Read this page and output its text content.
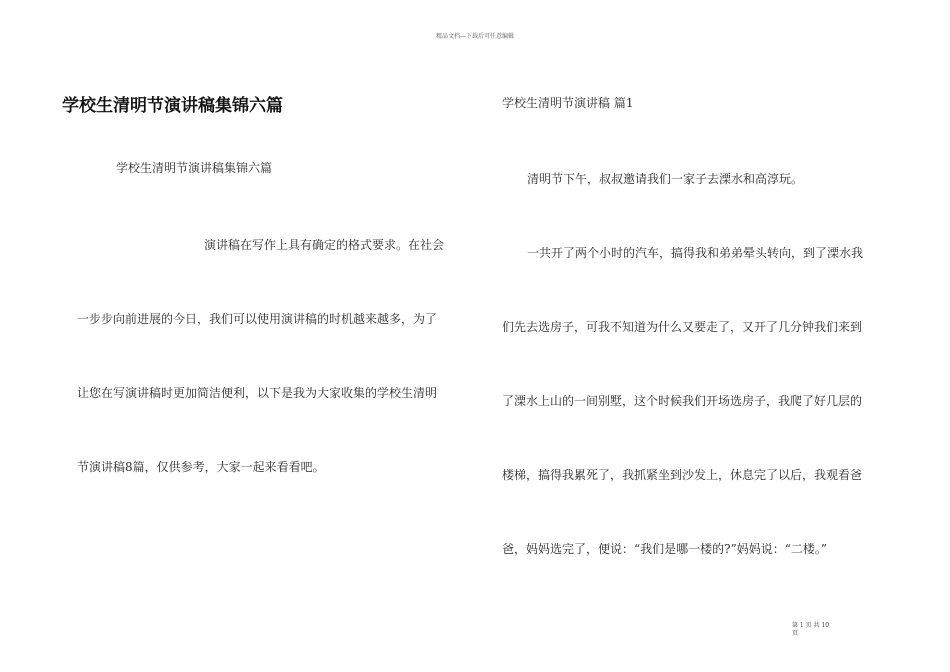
精品文档—下载后可任意编辑
学校生清明节演讲稿集锦六篇
学校生清明节演讲稿集锦六篇
演讲稿在写作上具有确定的格式要求。在社会
一步步向前进展的今日，我们可以使用演讲稿的时机越来越多，为了
让您在写演讲稿时更加简洁便利，以下是我为大家收集的学校生清明
节演讲稿8篇，仅供参考，大家一起来看看吧。
学校生清明节演讲稿 篇1
清明节下午，叔叔邀请我们一家子去溧水和高淳玩。
一共开了两个小时的汽车，搞得我和弟弟晕头转向，到了溧水我
们先去选房子，可我不知道为什么又要走了，又开了几分钟我们来到
了溧水上山的一间别墅，这个时候我们开场选房子，我爬了好几层的
楼梯，搞得我累死了，我抓紧坐到沙发上，休息完了以后，我观看爸
爸，妈妈选完了，便说：“我们是哪一楼的?”妈妈说：“二楼。”
第 1 页 共 10
页
